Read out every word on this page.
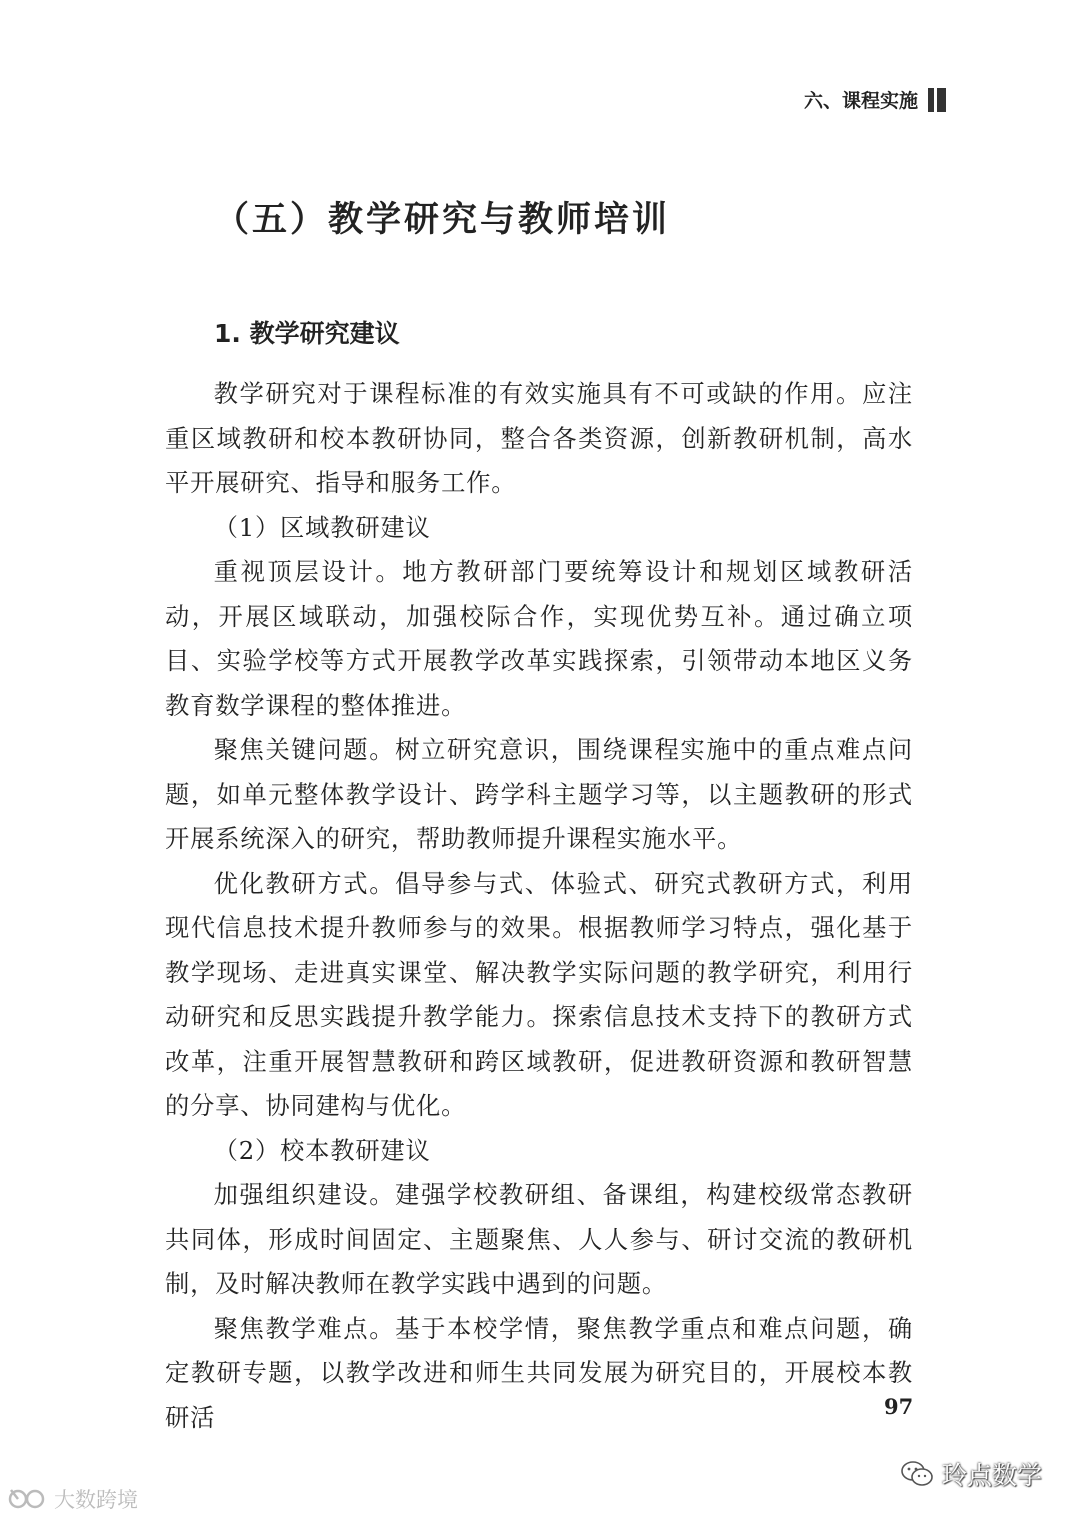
六、课程实施
（五）教学研究与教师培训
1. 教学研究建议

教学研究对于课程标准的有效实施具有不可或缺的作用。应注重区域教研和校本教研协同，整合各类资源，创新教研机制，高水平开展研究、指导和服务工作。

（1）区域教研建议

重视顶层设计。地方教研部门要统筹设计和规划区域教研活动，开展区域联动，加强校际合作，实现优势互补。通过确立项目、实验学校等方式开展教学改革实践探索，引领带动本地区义务教育数学课程的整体推进。

聚焦关键问题。树立研究意识，围绕课程实施中的重点难点问题，如单元整体教学设计、跨学科主题学习等，以主题教研的形式开展系统深入的研究，帮助教师提升课程实施水平。

优化教研方式。倡导参与式、体验式、研究式教研方式，利用现代信息技术提升教师参与的效果。根据教师学习特点，强化基于教学现场、走进真实课堂、解决教学实际问题的教学研究，利用行动研究和反思实践提升教学能力。探索信息技术支持下的教研方式改革，注重开展智慧教研和跨区域教研，促进教研资源和教研智慧的分享、协同建构与优化。

（2）校本教研建议

加强组织建设。建强学校教研组、备课组，构建校级常态教研共同体，形成时间固定、主题聚焦、人人参与、研讨交流的教研机制，及时解决教师在教学实践中遇到的问题。

聚焦教学难点。基于本校学情，聚焦教学重点和难点问题，确定教研专题，以教学改进和师生共同发展为研究目的，开展校本教研活	97
大数跨境
玲点数学
